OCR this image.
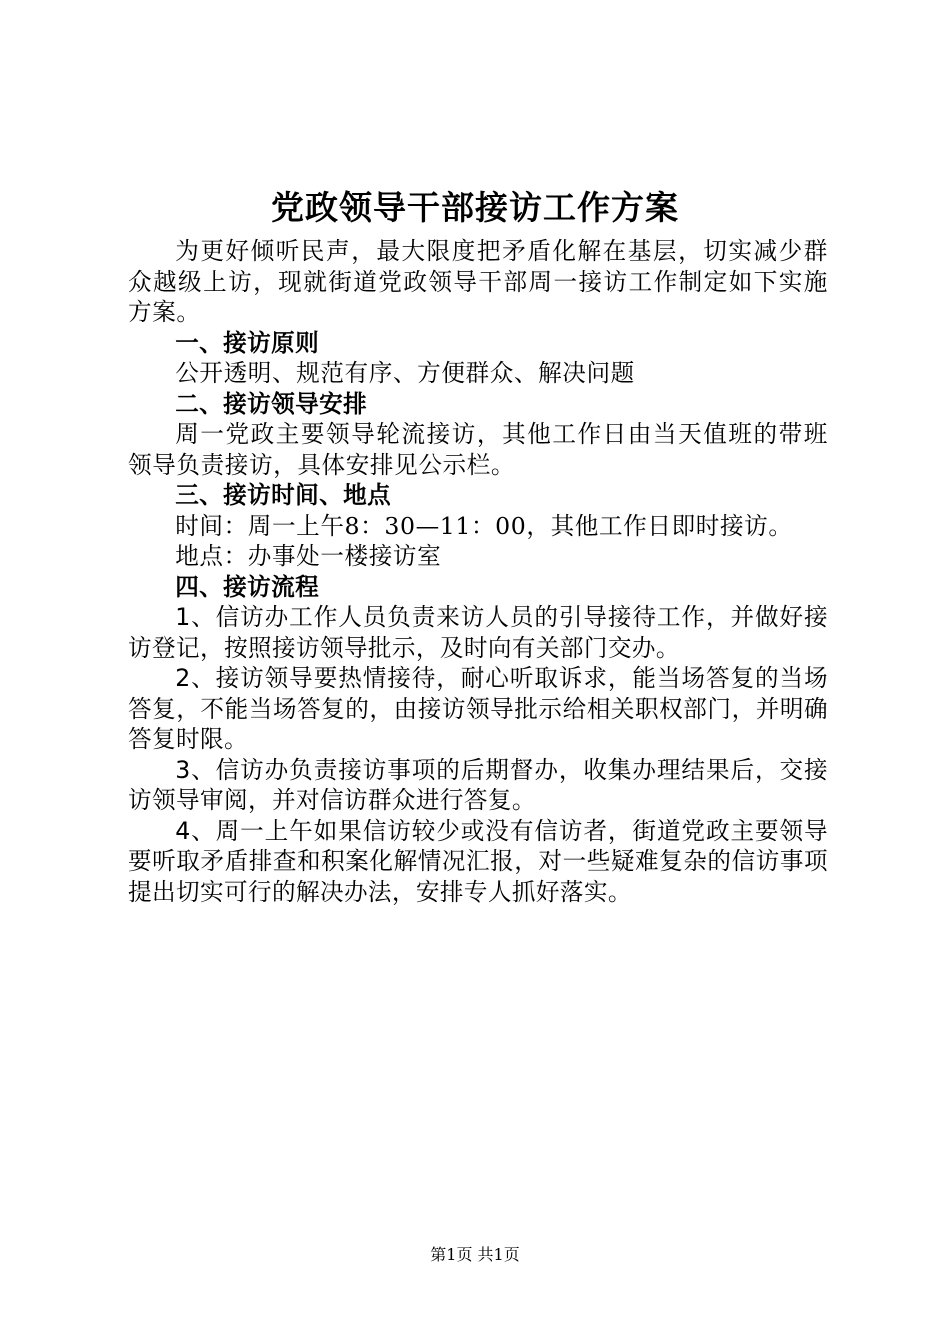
党政领导干部接访工作方案

为更好倾听民声，最大限度把矛盾化解在基层，切实减少群众越级上访，现就街道党政领导干部周一接访工作制定如下实施方案。

一、接访原则

公开透明、规范有序、方便群众、解决问题

二、接访领导安排

周一党政主要领导轮流接访，其他工作日由当天值班的带班领导负责接访，具体安排见公示栏。

三、接访时间、地点

时间：周一上午8：30—11：00，其他工作日即时接访。

地点：办事处一楼接访室

四、接访流程

1、信访办工作人员负责来访人员的引导接待工作，并做好接访登记，按照接访领导批示，及时向有关部门交办。

2、接访领导要热情接待，耐心听取诉求，能当场答复的当场答复，不能当场答复的，由接访领导批示给相关职权部门，并明确答复时限。

3、信访办负责接访事项的后期督办，收集办理结果后，交接访领导审阅，并对信访群众进行答复。

4、周一上午如果信访较少或没有信访者，街道党政主要领导要听取矛盾排查和积案化解情况汇报，对一些疑难复杂的信访事项提出切实可行的解决办法，安排专人抓好落实。

第1页 共1页
